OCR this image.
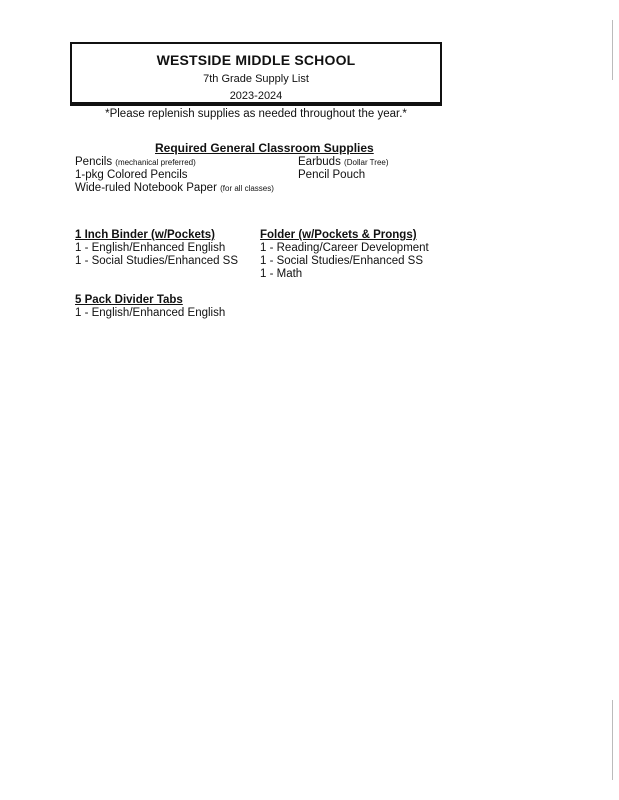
WESTSIDE MIDDLE SCHOOL
7th Grade Supply List
2023-2024
*Please replenish supplies as needed throughout the year.*
Required General Classroom Supplies
Pencils (mechanical preferred)
1-pkg Colored Pencils
Wide-ruled Notebook Paper (for all classes)
Earbuds (Dollar Tree)
Pencil Pouch
1 Inch Binder (w/Pockets)
1 - English/Enhanced English
1 - Social Studies/Enhanced SS
Folder (w/Pockets & Prongs)
1 - Reading/Career Development
1 - Social Studies/Enhanced SS
1 - Math
5 Pack Divider Tabs
1 - English/Enhanced English
